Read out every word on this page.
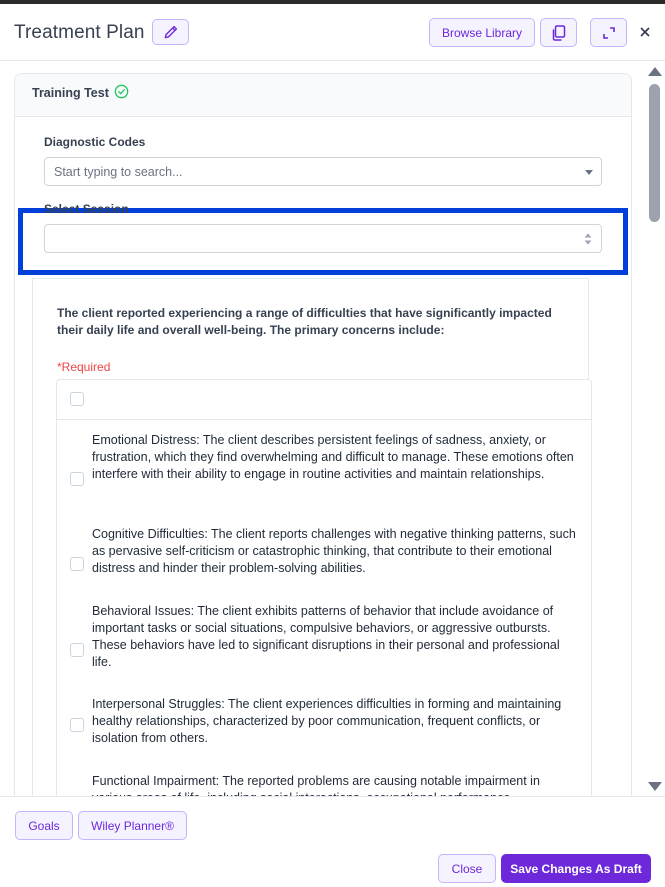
Treatment Plan	Browse Library
Training Test
Diagnostic Codes
Start typing to search...
Select Session
The client reported experiencing a range of difficulties that have significantly impacted their daily life and overall well-being. The primary concerns include:
*Required
Emotional Distress: The client describes persistent feelings of sadness, anxiety, or frustration, which they find overwhelming and difficult to manage. These emotions often interfere with their ability to engage in routine activities and maintain relationships.
Cognitive Difficulties: The client reports challenges with negative thinking patterns, such as pervasive self-criticism or catastrophic thinking, that contribute to their emotional distress and hinder their problem-solving abilities.
Behavioral Issues: The client exhibits patterns of behavior that include avoidance of important tasks or social situations, compulsive behaviors, or aggressive outbursts. These behaviors have led to significant disruptions in their personal and professional life.
Interpersonal Struggles: The client experiences difficulties in forming and maintaining healthy relationships, characterized by poor communication, frequent conflicts, or isolation from others.
Functional Impairment: The reported problems are causing notable impairment in
Goals	Wiley Planner®
Close	Save Changes As Draft
